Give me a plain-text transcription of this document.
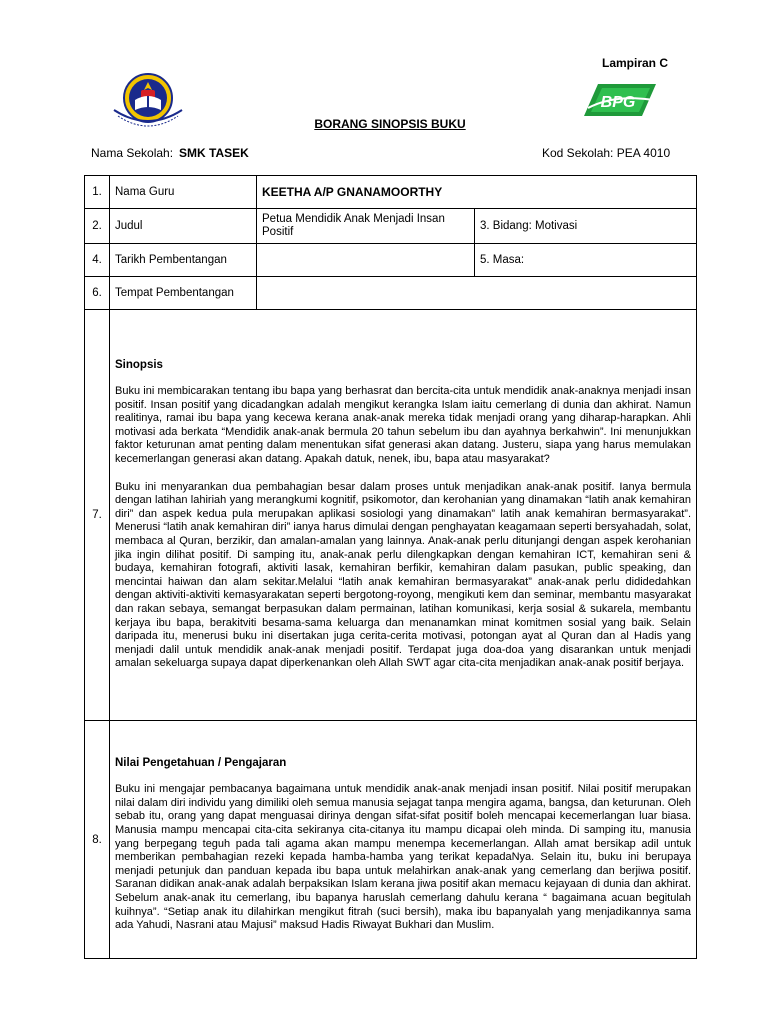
Lampiran C
BPG
BORANG SINOPSIS BUKU
Nama Sekolah: SMK TASEK	Kod Sekolah: PEA 4010
1.	Nama Guru	KEETHA A/P GNANAMOORTHY	
2.	Judul	Petua Mendidik Anak Menjadi Insan Positif	3. Bidang: Motivasi
4.	Tarikh Pembentangan		5. Masa:
6.	Tempat Pembentangan		
7.	Sinopsis

Buku ini membicarakan tentang ibu bapa yang berhasrat dan bercita-cita untuk mendidik anak-anaknya menjadi insan positif. Insan positif yang dicadangkan adalah mengikut kerangka Islam iaitu cemerlang di dunia dan akhirat. Namun realitinya, ramai ibu bapa yang kecewa kerana anak-anak mereka tidak menjadi orang yang diharap-harapkan. Ahli motivasi ada berkata “Mendidik anak-anak bermula 20 tahun sebelum ibu dan ayahnya berkahwin”. Ini menunjukkan faktor keturunan amat penting dalam menentukan sifat generasi akan datang. Justeru, siapa yang harus memulakan kecemerlangan generasi akan datang. Apakah datuk, nenek, ibu, bapa atau masyarakat?

Buku ini menyarankan dua pembahagian besar dalam proses untuk menjadikan anak-anak positif. Ianya bermula dengan latihan lahiriah yang merangkumi kognitif, psikomotor, dan kerohanian yang dinamakan “latih anak kemahiran diri” dan aspek kedua pula merupakan aplikasi sosiologi yang dinamakan” latih anak kemahiran bermasyarakat”. Menerusi “latih anak kemahiran diri” ianya harus dimulai dengan penghayatan keagamaan seperti bersyahadah, solat, membaca al Quran, berzikir, dan amalan-amalan yang lainnya. Anak-anak perlu ditunjangi dengan aspek kerohanian jika ingin dilihat positif. Di samping itu, anak-anak perlu dilengkapkan dengan kemahiran ICT, kemahiran seni & budaya, kemahiran fotografi, aktiviti lasak, kemahiran berfikir, kemahiran dalam pasukan, public speaking, dan mencintai haiwan dan alam sekitar.Melalui “latih anak kemahiran bermasyarakat” anak-anak perlu dididedahkan dengan aktiviti-aktiviti kemasyarakatan seperti bergotong-royong, mengikuti kem dan seminar, membantu masyarakat dan rakan sebaya, semangat berpasukan dalam permainan, latihan komunikasi, kerja sosial & sukarela, membantu kerjaya ibu bapa, berakitviti besama-sama keluarga dan menanamkan minat komitmen sosial yang baik. Selain daripada itu, menerusi buku ini disertakan juga cerita-cerita motivasi, potongan ayat al Quran dan al Hadis yang menjadi dalil untuk mendidik anak-anak menjadi positif. Terdapat juga doa-doa yang disarankan untuk menjadi amalan sekeluarga supaya dapat diperkenankan oleh Allah SWT agar cita-cita menjadikan anak-anak positif berjaya.		

8.	Nilai Pengetahuan / Pengajaran

Buku ini mengajar pembacanya bagaimana untuk mendidik anak-anak menjadi insan positif. Nilai positif merupakan nilai dalam diri individu yang dimiliki oleh semua manusia sejagat tanpa mengira agama, bangsa, dan keturunan. Oleh sebab itu, orang yang dapat menguasai dirinya dengan sifat-sifat positif boleh mencapai kecemerlangan luar biasa. Manusia mampu mencapai cita-cita sekiranya cita-citanya itu mampu dicapai oleh minda. Di samping itu, manusia yang berpegang teguh pada tali agama akan mampu menempa kecemerlangan. Allah amat bersikap adil untuk memberikan pembahagian rezeki kepada hamba-hamba yang terikat kepadaNya. Selain itu, buku ini berupaya menjadi petunjuk dan panduan kepada ibu bapa untuk melahirkan anak-anak yang cemerlang dan berjiwa positif. Saranan didikan anak-anak adalah berpaksikan Islam kerana jiwa positif akan memacu kejayaan di dunia dan akhirat. Sebelum anak-anak itu cemerlang, ibu bapanya haruslah cemerlang dahulu kerana “ bagaimana acuan begitulah kuihnya”. “Setiap anak itu dilahirkan mengikut fitrah (suci bersih), maka ibu bapanyalah yang menjadikannya sama ada Yahudi, Nasrani atau Majusi” maksud Hadis Riwayat Bukhari dan Muslim.		
